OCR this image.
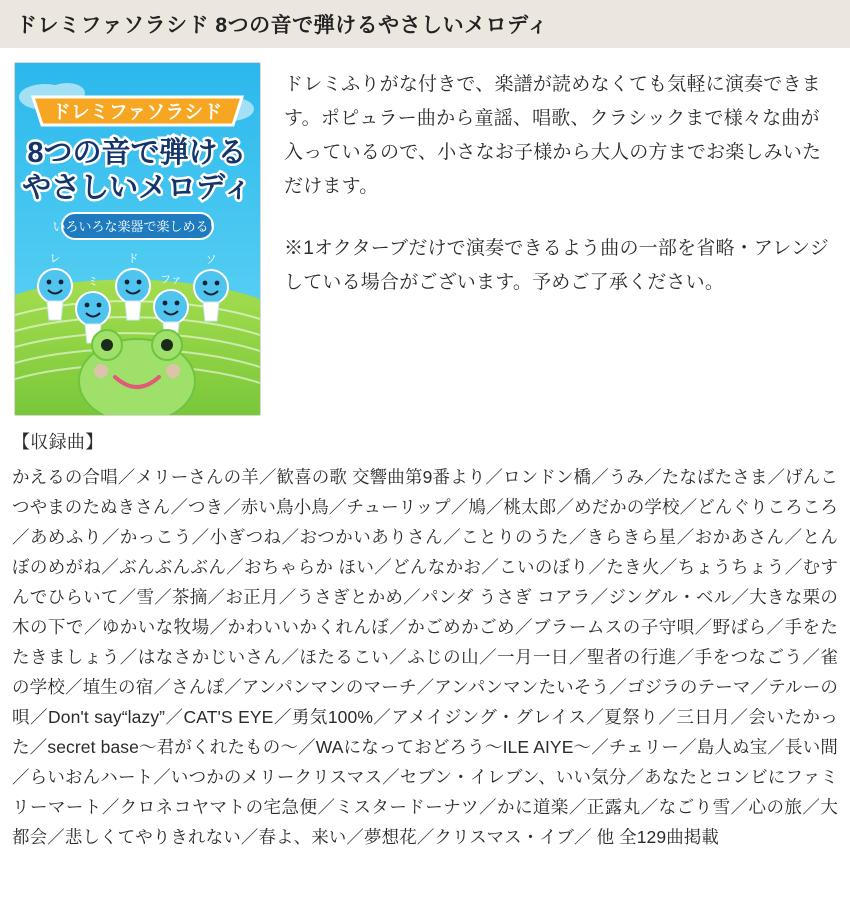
ドレミファソラシド 8つの音で弾けるやさしいメロディ
ドレミファソラシド
8つの音で弾ける
やさしいメロディ
いろいろな楽器で楽しめる！
レ
ミ
ド
ファ
ソ

ドレミふりがな付きで、楽譜が読めなくても気軽に演奏できます。ポピュラー曲から童謡、唱歌、クラシックまで様々な曲が入っているので、小さなお子様から大人の方までお楽しみいただけます。

※1オクターブだけで演奏できるよう曲の一部を省略・アレンジしている場合がございます。予めご了承ください。

【収録曲】
かえるの合唱／メリーさんの羊／歓喜の歌 交響曲第9番より／ロンドン橋／うみ／たなばたさま／げんこつやまのたぬきさん／つき／赤い鳥小鳥／チューリップ／鳩／桃太郎／めだかの学校／どんぐりころころ／あめふり／かっこう／小ぎつね／おつかいありさん／ことりのうた／きらきら星／おかあさん／とんぼのめがね／ぶんぶんぶん／おちゃらか ほい／どんなかお／こいのぼり／たき火／ちょうちょう／むすんでひらいて／雪／茶摘／お正月／うさぎとかめ／パンダ うさぎ コアラ／ジングル・ベル／大きな栗の木の下で／ゆかいな牧場／かわいいかくれんぼ／かごめかごめ／ブラームスの子守唄／野ばら／手をたたきましょう／はなさかじいさん／ほたるこい／ふじの山／一月一日／聖者の行進／手をつなごう／雀の学校／埴生の宿／さんぽ／アンパンマンのマーチ／アンパンマンたいそう／ゴジラのテーマ／テルーの唄／Don't say“lazy”／CAT'S EYE／勇気100%／アメイジング・グレイス／夏祭り／三日月／会いたかった／secret base〜君がくれたもの〜／WAになっておどろう〜ILE AIYE〜／チェリー／島人ぬ宝／長い間／らいおんハート／いつかのメリークリスマス／セブン・イレブン、いい気分／あなたとコンビにファミリーマート／クロネコヤマトの宅急便／ミスタードーナツ／かに道楽／正露丸／なごり雪／心の旅／大都会／悲しくてやりきれない／春よ、来い／夢想花／クリスマス・イブ／ 他 全129曲掲載
